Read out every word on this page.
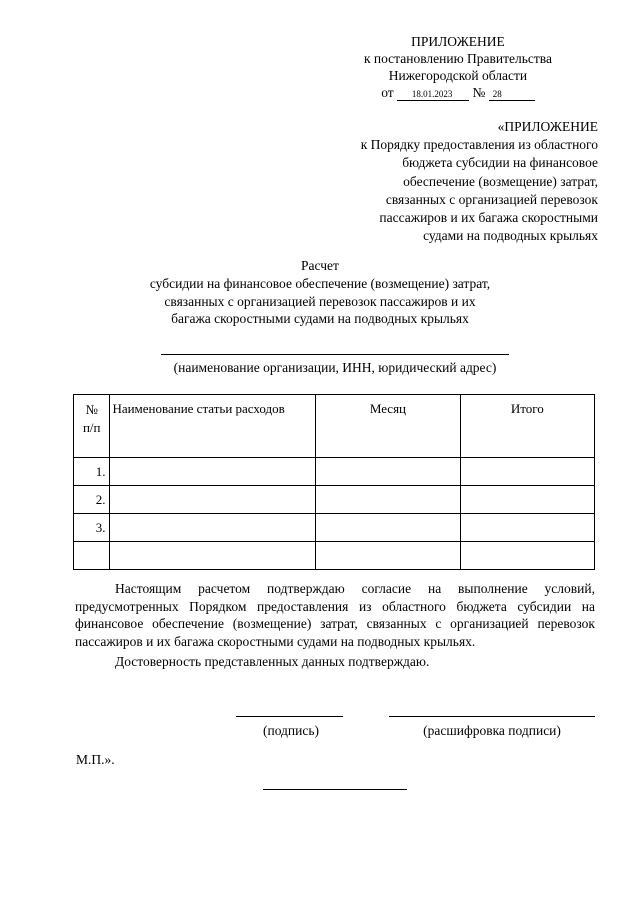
ПРИЛОЖЕНИЕ
к постановлению Правительства
Нижегородской области
от 18.01.2023 № 28
«ПРИЛОЖЕНИЕ
к Порядку предоставления из областного
бюджета субсидии на финансовое
обеспечение (возмещение) затрат,
связанных с организацией перевозок
пассажиров и их багажа скоростными
судами на подводных крыльях
Расчет
субсидии на финансовое обеспечение (возмещение) затрат,
связанных с организацией перевозок пассажиров и их
багажа скоростными судами на подводных крыльях
(наименование организации, ИНН, юридический адрес)
№
п/п	Наименование статьи расходов	Месяц	Итого
1.			
2.			
3.			

Настоящим расчетом подтверждаю согласие на выполнение условий, предусмотренных Порядком предоставления из областного бюджета субсидии на финансовое обеспечение (возмещение) затрат, связанных с организацией перевозок пассажиров и их багажа скоростными судами на подводных крыльях.
Достоверность представленных данных подтверждаю.
(подпись)	(расшифровка подписи)
М.П.».
